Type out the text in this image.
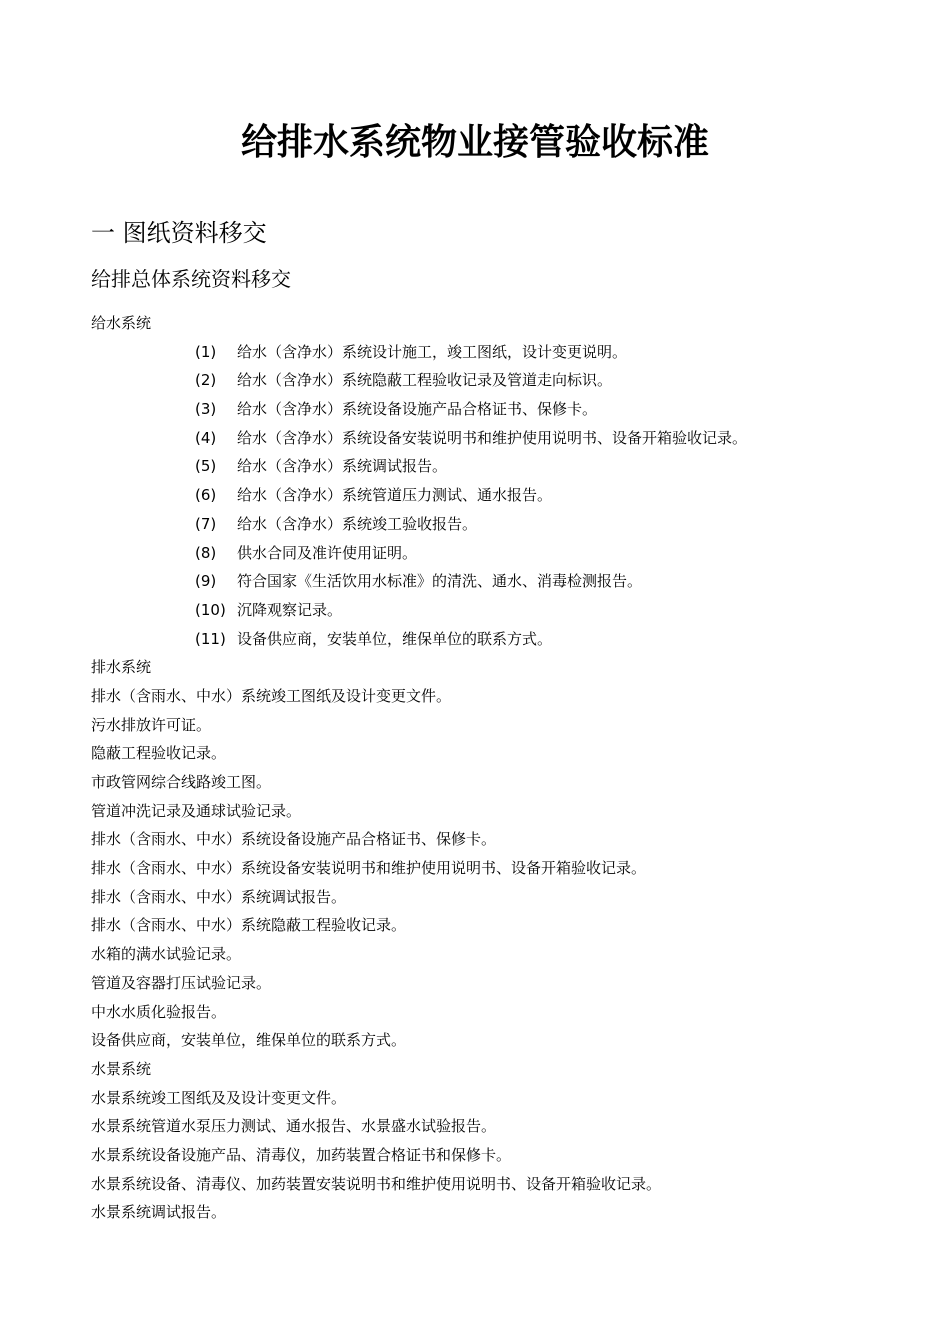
给排水系统物业接管验收标准
一 图纸资料移交
给排总体系统资料移交
给水系统
(1)	给水（含净水）系统设计施工，竣工图纸，设计变更说明。
(2)	给水（含净水）系统隐蔽工程验收记录及管道走向标识。
(3)	给水（含净水）系统设备设施产品合格证书、保修卡。
(4)	给水（含净水）系统设备安装说明书和维护使用说明书、设备开箱验收记录。
(5)	给水（含净水）系统调试报告。
(6)	给水（含净水）系统管道压力测试、通水报告。
(7)	给水（含净水）系统竣工验收报告。
(8)	供水合同及准许使用证明。
(9)	符合国家《生活饮用水标准》的清洗、通水、消毒检测报告。
(10) 沉降观察记录。
(11) 设备供应商，安装单位，维保单位的联系方式。
排水系统
排水（含雨水、中水）系统竣工图纸及设计变更文件。
污水排放许可证。
隐蔽工程验收记录。
市政管网综合线路竣工图。
管道冲洗记录及通球试验记录。
排水（含雨水、中水）系统设备设施产品合格证书、保修卡。
排水（含雨水、中水）系统设备安装说明书和维护使用说明书、设备开箱验收记录。
排水（含雨水、中水）系统调试报告。
排水（含雨水、中水）系统隐蔽工程验收记录。
水箱的满水试验记录。
管道及容器打压试验记录。
中水水质化验报告。
设备供应商，安装单位，维保单位的联系方式。
水景系统
水景系统竣工图纸及及设计变更文件。
水景系统管道水泵压力测试、通水报告、水景盛水试验报告。
水景系统设备设施产品、清毒仪，加药装置合格证书和保修卡。
水景系统设备、清毒仪、加药装置安装说明书和维护使用说明书、设备开箱验收记录。
水景系统调试报告。
